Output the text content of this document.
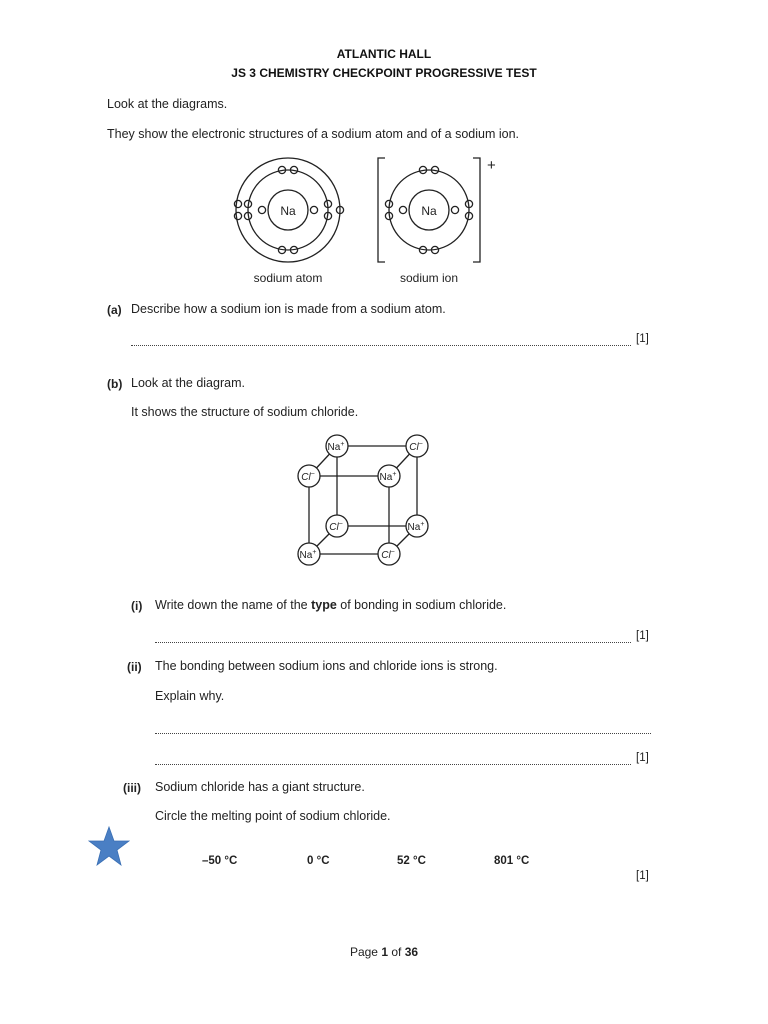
ATLANTIC HALL
JS 3 CHEMISTRY CHECKPOINT PROGRESSIVE TEST
Look at the diagrams.
They show the electronic structures of a sodium atom and of a sodium ion.
Na	Na
+
sodium atom	sodium ion
(a) Describe how a sodium ion is made from a sodium atom.
[1]
(b) Look at the diagram.
It shows the structure of sodium chloride.
Na+
Na+
Na+
Na+
Cl−
Cl−
Cl−
Cl−
(i) Write down the name of the type of bonding in sodium chloride.
[1]
(ii) The bonding between sodium ions and chloride ions is strong.
Explain why.
[1]
(iii) Sodium chloride has a giant structure.
Circle the melting point of sodium chloride.
–50 °C	0 °C	52 °C	801 °C
[1]
Page 1 of 36
